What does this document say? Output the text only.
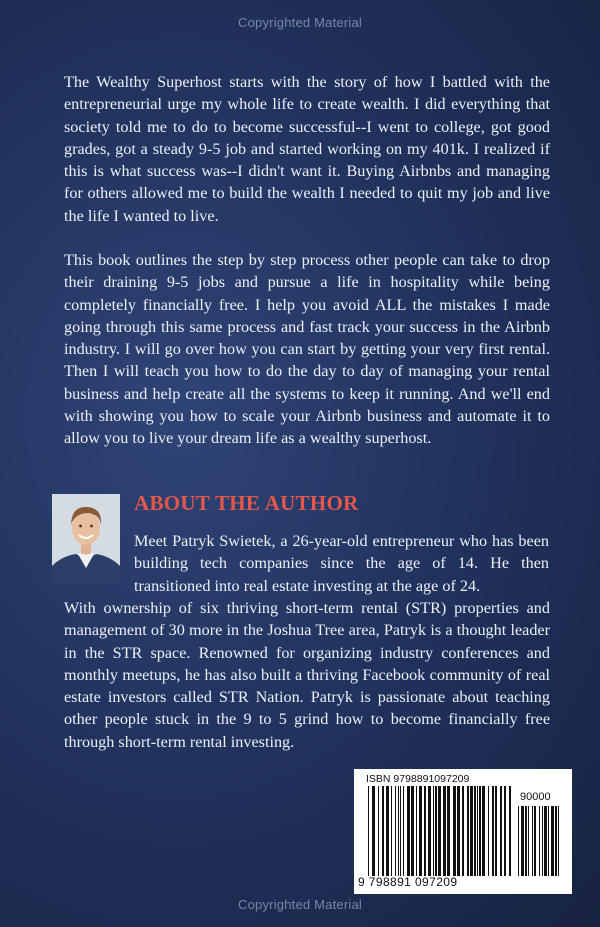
Copyrighted Material

The Wealthy Superhost starts with the story of how I battled with the entrepreneurial urge my whole life to create wealth. I did everything that society told me to do to become successful--I went to college, got good grades, got a steady 9-5 job and started working on my 401k. I realized if this is what success was--I didn't want it. Buying Airbnbs and managing for others allowed me to build the wealth I needed to quit my job and live the life I wanted to live.

This book outlines the step by step process other people can take to drop their draining 9-5 jobs and pursue a life in hospitality while being completely financially free. I help you avoid ALL the mistakes I made going through this same process and fast track your success in the Airbnb industry. I will go over how you can start by getting your very first rental. Then I will teach you how to do the day to day of managing your rental business and help create all the systems to keep it running. And we'll end with showing you how to scale your Airbnb business and automate it to allow you to live your dream life as a wealthy superhost.

ABOUT THE AUTHOR

Meet Patryk Swietek, a 26-year-old entrepreneur who has been building tech companies since the age of 14. He then transitioned into real estate investing at the age of 24.

With ownership of six thriving short-term rental (STR) properties and management of 30 more in the Joshua Tree area, Patryk is a thought leader in the STR space. Renowned for organizing industry conferences and monthly meetups, he has also built a thriving Facebook community of real estate investors called STR Nation. Patryk is passionate about teaching other people stuck in the 9 to 5 grind how to become financially free through short-term rental investing.

ISBN 9798891097209
90000
9 798891 097209
Copyrighted Material
